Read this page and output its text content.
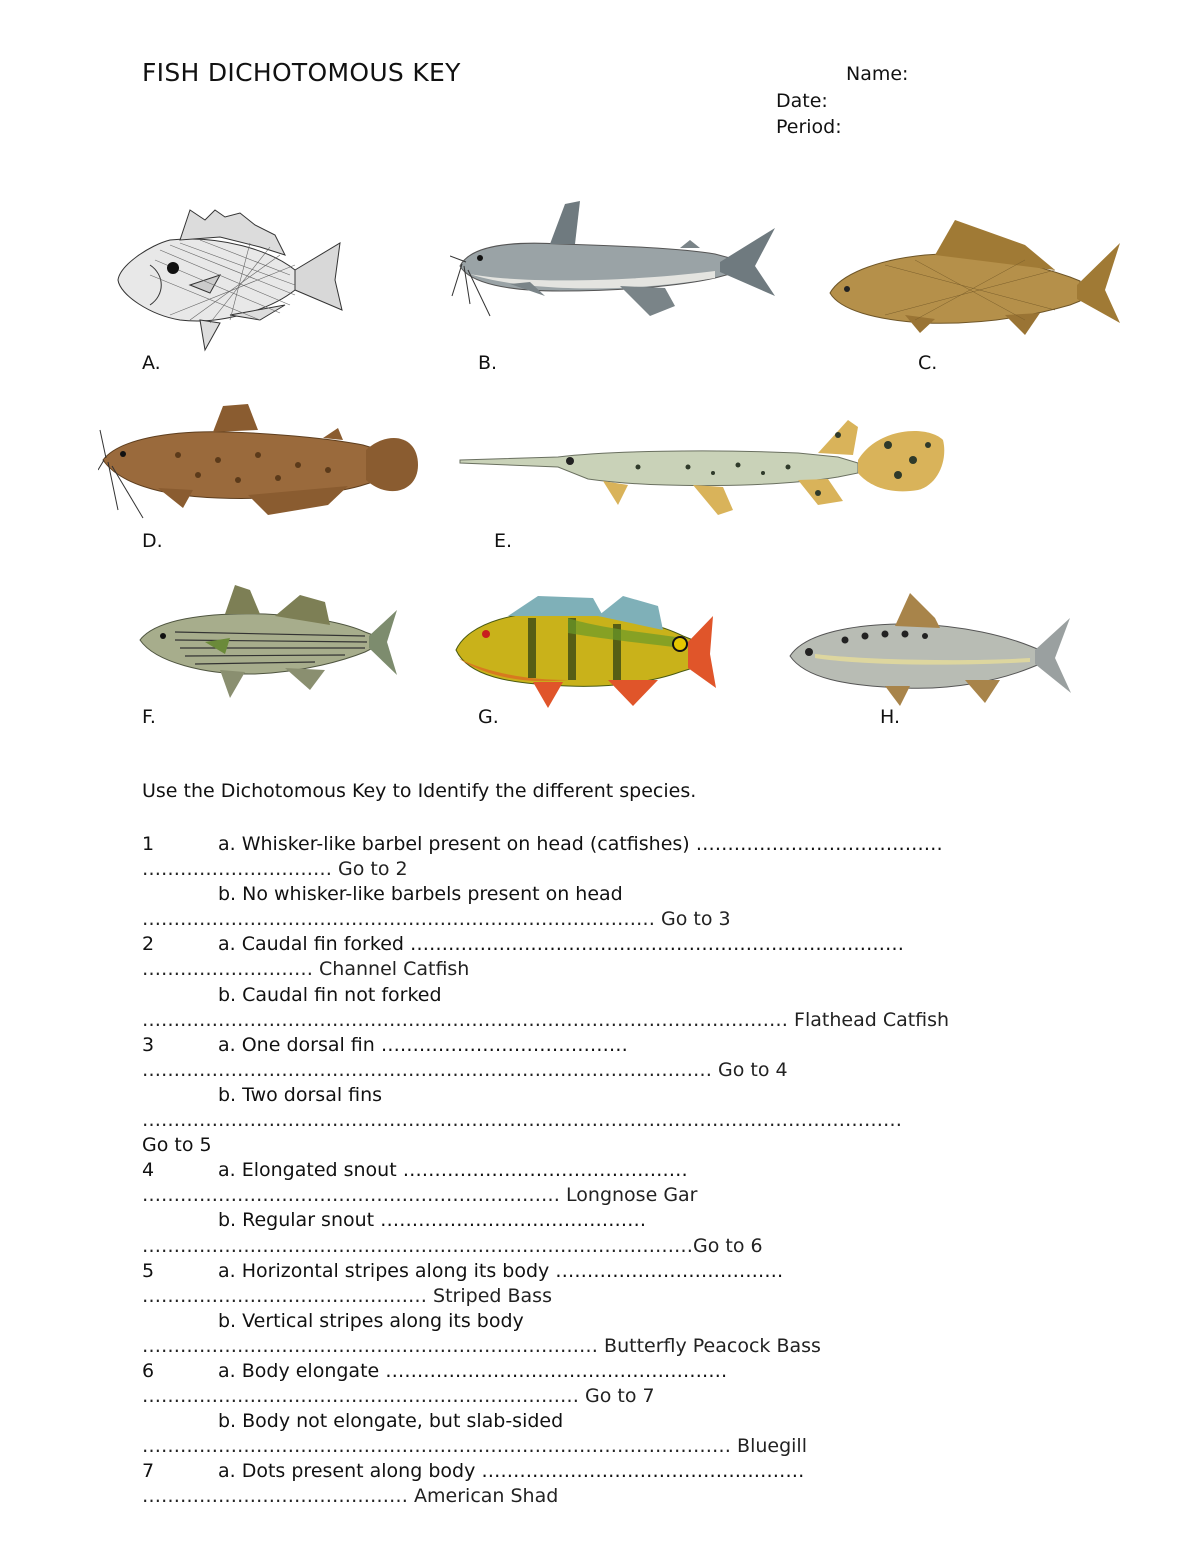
FISH DICHOTOMOUS KEY	Name:
Date:
Period:
A.	B.	C.
D.	E.
F.	G.	H.
Use the Dichotomous Key to Identify the different species.
1	a. Whisker-like barbel present on head (catfishes) …………………………………
………………………… Go to 2
b. No whisker-like barbels present on head
……………………………………………………………………… Go to 3
2	a. Caudal fin forked ……………………………………………………………………
……………………… Channel Catfish
b. Caudal fin not forked
………………………………………………………………………………………… Flathead Catfish
3	a. One dorsal fin …………………………………
……………………………………………………………………………… Go to 4
b. Two dorsal fins
…………………………………………………………………………………………………………
Go to 5
4	a. Elongated snout ………………………………………
………………………………………………………… Longnose Gar
b. Regular snout ……………………………………
……………………………………………………………………………Go to 6
5	a. Horizontal stripes along its body ………………………………
……………………………………… Striped Bass
b. Vertical stripes along its body
……………………………………………………………… Butterfly Peacock Bass
6	a. Body elongate ………………………………………………
…………………………………………………………… Go to 7
b. Body not elongate, but slab-sided
………………………………………………………………………………… Bluegill
7	a. Dots present along body ……………………………………………
…………………………………… American Shad
